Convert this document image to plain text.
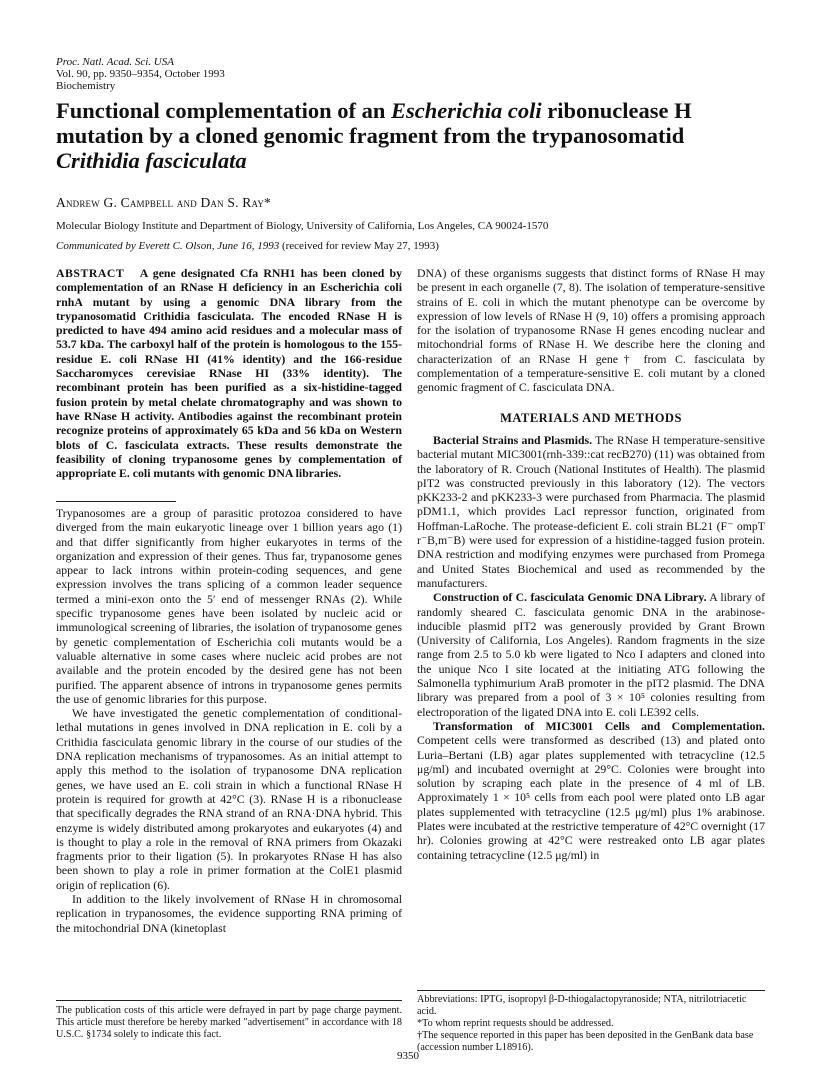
Proc. Natl. Acad. Sci. USA
Vol. 90, pp. 9350–9354, October 1993
Biochemistry
Functional complementation of an Escherichia coli ribonuclease H mutation by a cloned genomic fragment from the trypanosomatid Crithidia fasciculata
Andrew G. Campbell and Dan S. Ray*
Molecular Biology Institute and Department of Biology, University of California, Los Angeles, CA 90024-1570
Communicated by Everett C. Olson, June 16, 1993 (received for review May 27, 1993)

ABSTRACT A gene designated Cfa RNH1 has been cloned by complementation of an RNase H deficiency in an Escherichia coli rnhA mutant by using a genomic DNA library from the trypanosomatid Crithidia fasciculata. The encoded RNase H is predicted to have 494 amino acid residues and a molecular mass of 53.7 kDa. The carboxyl half of the protein is homologous to the 155-residue E. coli RNase HI (41% identity) and the 166-residue Saccharomyces cerevisiae RNase HI (33% identity). The recombinant protein has been purified as a six-histidine-tagged fusion protein by metal chelate chromatography and was shown to have RNase H activity. Antibodies against the recombinant protein recognize proteins of approximately 65 kDa and 56 kDa on Western blots of C. fasciculata extracts. These results demonstrate the feasibility of cloning trypanosome genes by complementation of appropriate E. coli mutants with genomic DNA libraries.

Trypanosomes are a group of parasitic protozoa considered to have diverged from the main eukaryotic lineage over 1 billion years ago (1) and that differ significantly from higher eukaryotes in terms of the organization and expression of their genes. Thus far, trypanosome genes appear to lack introns within protein-coding sequences, and gene expression involves the trans splicing of a common leader sequence termed a mini-exon onto the 5′ end of messenger RNAs (2). While specific trypanosome genes have been isolated by nucleic acid or immunological screening of libraries, the isolation of trypanosome genes by genetic complementation of Escherichia coli mutants would be a valuable alternative in some cases where nucleic acid probes are not available and the protein encoded by the desired gene has not been purified. The apparent absence of introns in trypanosome genes permits the use of genomic libraries for this purpose.

We have investigated the genetic complementation of conditional-lethal mutations in genes involved in DNA replication in E. coli by a Crithidia fasciculata genomic library in the course of our studies of the DNA replication mechanisms of trypanosomes. As an initial attempt to apply this method to the isolation of trypanosome DNA replication genes, we have used an E. coli strain in which a functional RNase H protein is required for growth at 42°C (3). RNase H is a ribonuclease that specifically degrades the RNA strand of an RNA·DNA hybrid. This enzyme is widely distributed among prokaryotes and eukaryotes (4) and is thought to play a role in the removal of RNA primers from Okazaki fragments prior to their ligation (5). In prokaryotes RNase H has also been shown to play a role in primer formation at the ColE1 plasmid origin of replication (6).

In addition to the likely involvement of RNase H in chromosomal replication in trypanosomes, the evidence supporting RNA priming of the mitochondrial DNA (kinetoplast

DNA) of these organisms suggests that distinct forms of RNase H may be present in each organelle (7, 8). The isolation of temperature-sensitive strains of E. coli in which the mutant phenotype can be overcome by expression of low levels of RNase H (9, 10) offers a promising approach for the isolation of trypanosome RNase H genes encoding nuclear and mitochondrial forms of RNase H. We describe here the cloning and characterization of an RNase H gene† from C. fasciculata by complementation of a temperature-sensitive E. coli mutant by a cloned genomic fragment of C. fasciculata DNA.

MATERIALS AND METHODS

Bacterial Strains and Plasmids. The RNase H temperature-sensitive bacterial mutant MIC3001(rnh-339::cat recB270) (11) was obtained from the laboratory of R. Crouch (National Institutes of Health). The plasmid pIT2 was constructed previously in this laboratory (12). The vectors pKK233-2 and pKK233-3 were purchased from Pharmacia. The plasmid pDM1.1, which provides LacI repressor function, originated from Hoffman-LaRoche. The protease-deficient E. coli strain BL21 (F⁻ ompT r⁻B,m⁻B) were used for expression of a histidine-tagged fusion protein. DNA restriction and modifying enzymes were purchased from Promega and United States Biochemical and used as recommended by the manufacturers.

Construction of C. fasciculata Genomic DNA Library. A library of randomly sheared C. fasciculata genomic DNA in the arabinose-inducible plasmid pIT2 was generously provided by Grant Brown (University of California, Los Angeles). Random fragments in the size range from 2.5 to 5.0 kb were ligated to Nco I adapters and cloned into the unique Nco I site located at the initiating ATG following the Salmonella typhimurium AraB promoter in the pIT2 plasmid. The DNA library was prepared from a pool of 3 × 10⁵ colonies resulting from electroporation of the ligated DNA into E. coli LE392 cells.

Transformation of MIC3001 Cells and Complementation. Competent cells were transformed as described (13) and plated onto Luria–Bertani (LB) agar plates supplemented with tetracycline (12.5 μg/ml) and incubated overnight at 29°C. Colonies were brought into solution by scraping each plate in the presence of 4 ml of LB. Approximately 1 × 10⁵ cells from each pool were plated onto LB agar plates supplemented with tetracycline (12.5 μg/ml) plus 1% arabinose. Plates were incubated at the restrictive temperature of 42°C overnight (17 hr). Colonies growing at 42°C were restreaked onto LB agar plates containing tetracycline (12.5 μg/ml) in

The publication costs of this article were defrayed in part by page charge payment. This article must therefore be hereby marked "advertisement" in accordance with 18 U.S.C. §1734 solely to indicate this fact.

Abbreviations: IPTG, isopropyl β-D-thiogalactopyranoside; NTA, nitrilotriacetic acid.

*To whom reprint requests should be addressed.

†The sequence reported in this paper has been deposited in the GenBank data base (accession number L18916).

9350
